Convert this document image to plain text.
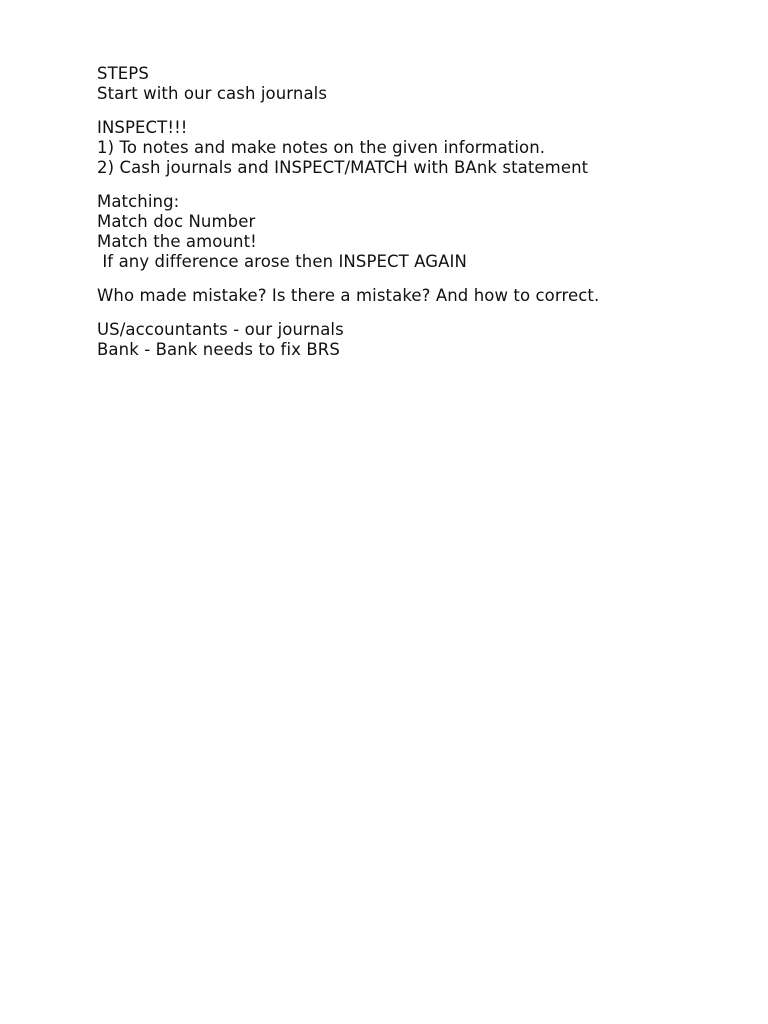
STEPS
Start with our cash journals
INSPECT!!!
1) To notes and make notes on the given information.
2) Cash journals and INSPECT/MATCH with BAnk statement
Matching:
Match doc Number
Match the amount!
If any difference arose then INSPECT AGAIN
Who made mistake? Is there a mistake? And how to correct.
US/accountants - our journals
Bank - Bank needs to fix BRS
